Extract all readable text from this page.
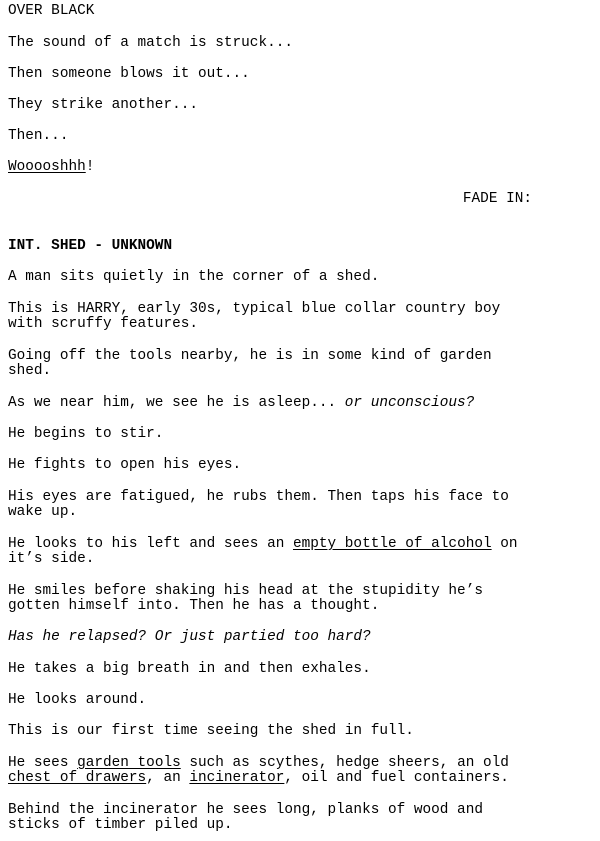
OVER BLACK
The sound of a match is struck...
Then someone blows it out...
They strike another...
Then...
Wooooshhh!
FADE IN:
INT. SHED - UNKNOWN
A man sits quietly in the corner of a shed.
This is HARRY, early 30s, typical blue collar country boy
with scruffy features.
Going off the tools nearby, he is in some kind of garden
shed.
As we near him, we see he is asleep... or unconscious?
He begins to stir.
He fights to open his eyes.
His eyes are fatigued, he rubs them. Then taps his face to
wake up.
He looks to his left and sees an empty bottle of alcohol on
it’s side.
He smiles before shaking his head at the stupidity he’s
gotten himself into. Then he has a thought.
Has he relapsed? Or just partied too hard?
He takes a big breath in and then exhales.
He looks around.
This is our first time seeing the shed in full.
He sees garden tools such as scythes, hedge sheers, an old
chest of drawers, an incinerator, oil and fuel containers.
Behind the incinerator he sees long, planks of wood and
sticks of timber piled up.
